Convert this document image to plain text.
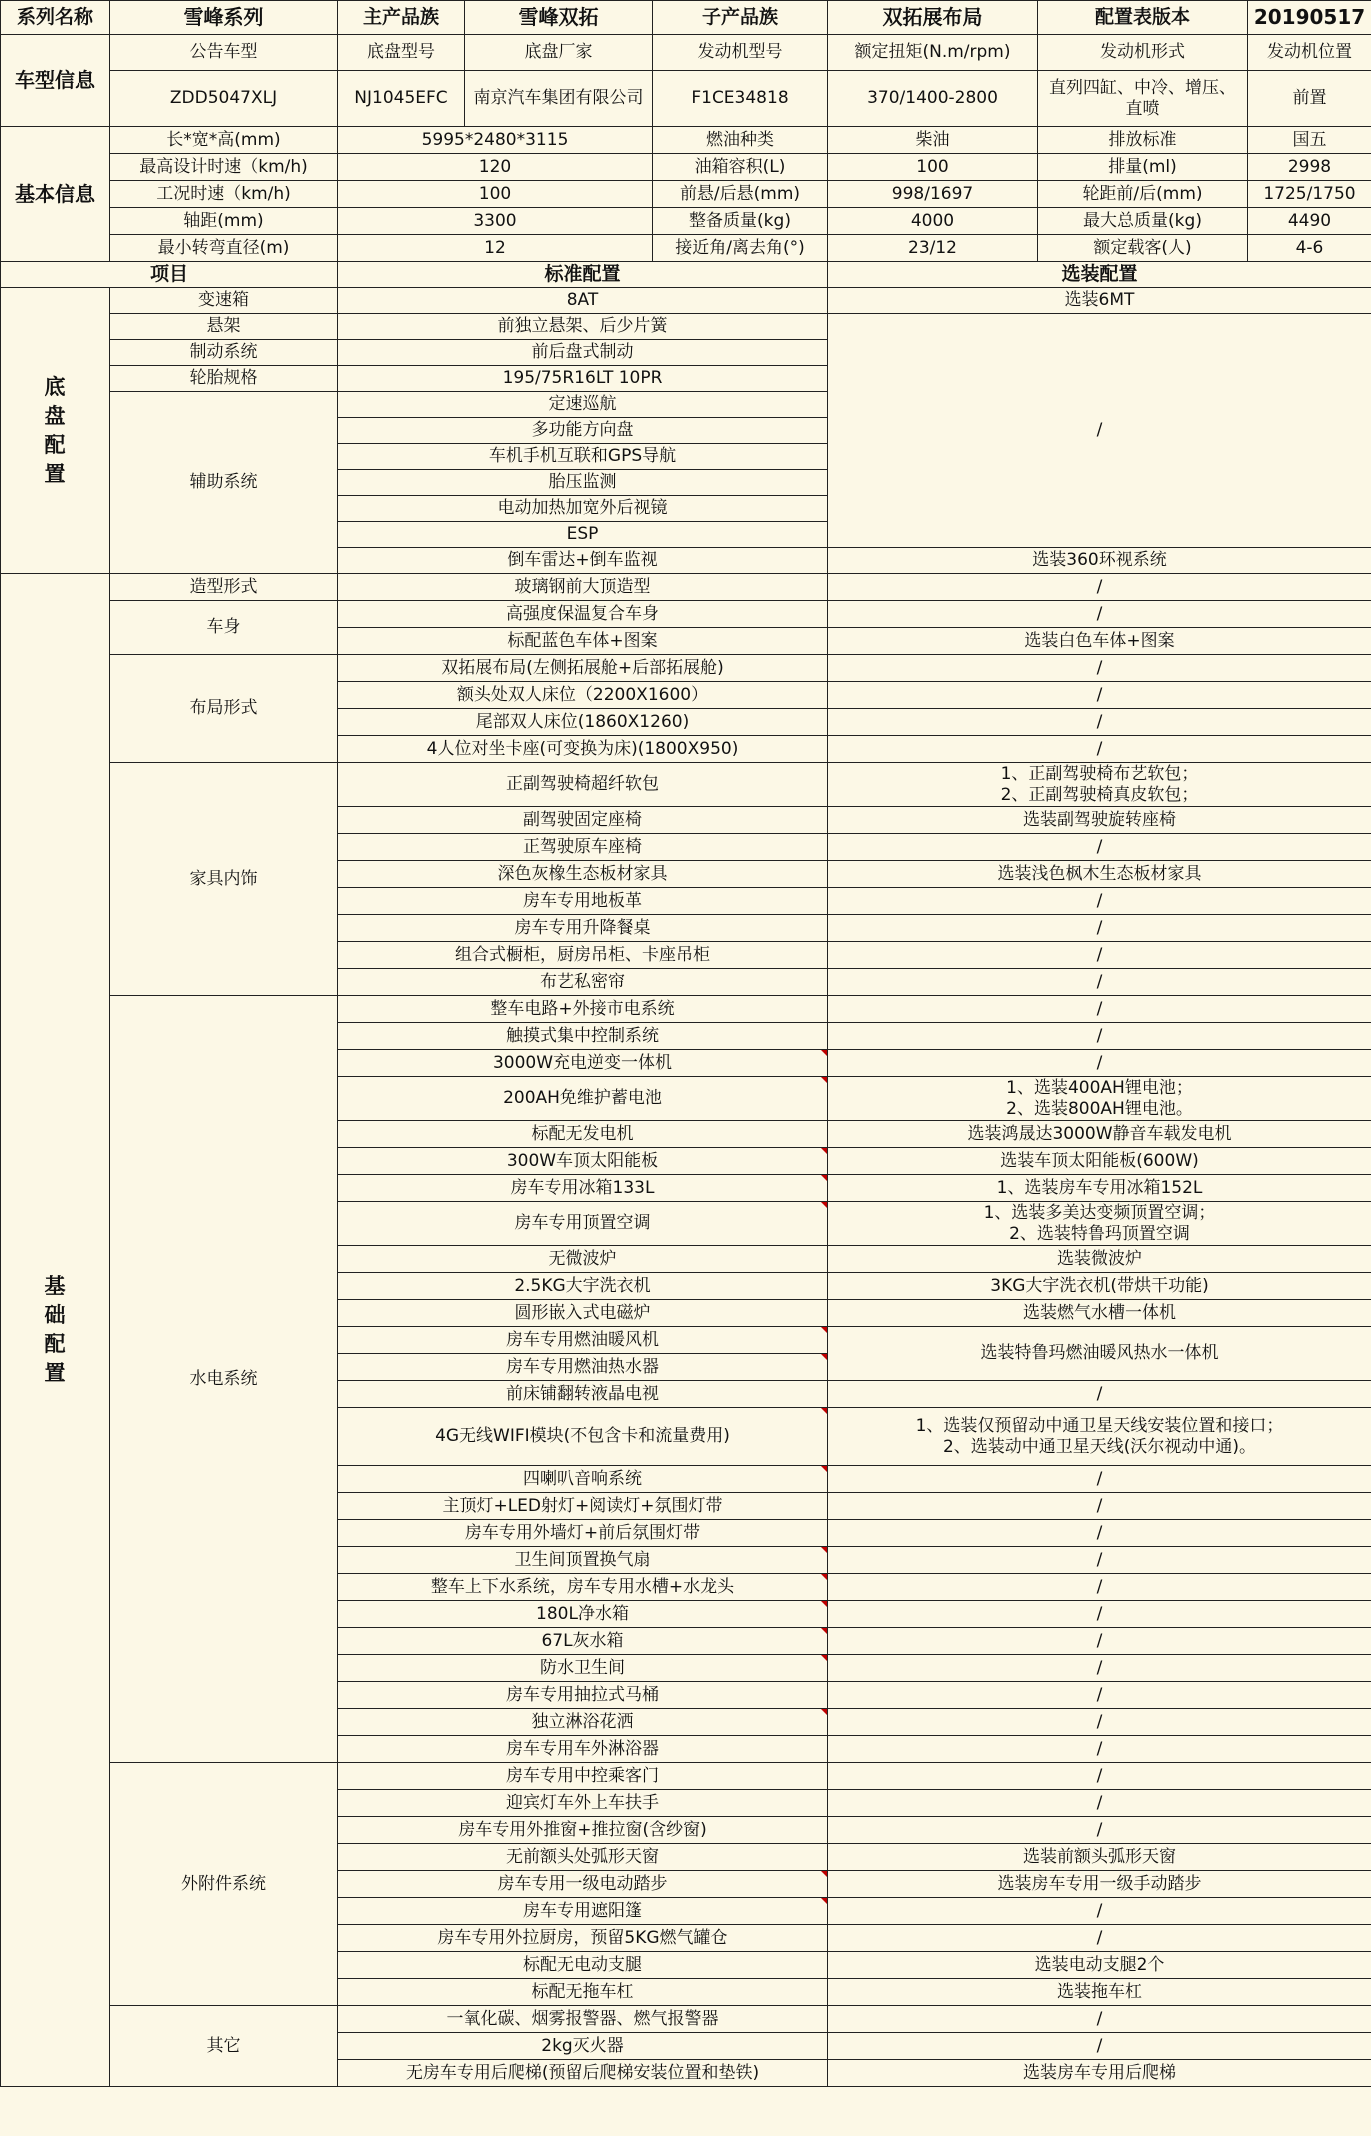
系列名称	雪峰系列	主产品族	雪峰双拓	子产品族	双拓展布局	配置表版本	20190517
车型信息	公告车型	底盘型号	底盘厂家	发动机型号	额定扭矩(N.m/rpm)	发动机形式	发动机位置
	ZDD5047XLJ	NJ1045EFC	南京汽车集团有限公司	F1CE34818	370/1400-2800	直列四缸、中冷、增压、直喷	前置
基本信息	长*宽*高(mm)	5995*2480*3115		燃油种类	柴油	排放标准	国五
	最高设计时速（km/h)	120		油箱容积(L)	100	排量(ml)	2998
	工况时速（km/h)	100		前悬/后悬(mm)	998/1697	轮距前/后(mm)	1725/1750
	轴距(mm)	3300		整备质量(kg)	4000	最大总质量(kg)	4490
	最小转弯直径(m)	12		接近角/离去角(°)	23/12	额定载客(人)	4-6
项目		标准配置			选装配置		

底盘配置	变速箱	8AT			选装6MT		
	悬架	前独立悬架、后少片簧			/		
	制动系统	前后盘式制动					
	轮胎规格	195/75R16LT 10PR					
	辅助系统	定速巡航					
		多功能方向盘					
		车机手机互联和GPS导航					
		胎压监测					
		电动加热加宽外后视镜					
		ESP					
		倒车雷达+倒车监视			选装360环视系统		

基础配置	造型形式	玻璃钢前大顶造型			/		
	车身	高强度保温复合车身			/		
		标配蓝色车体+图案			选装白色车体+图案		
	布局形式	双拓展布局(左侧拓展舱+后部拓展舱)			/		
		额头处双人床位（2200X1600）			/		
		尾部双人床位(1860X1260)			/		
		4人位对坐卡座(可变换为床)(1800X950)			/		
	家具内饰	正副驾驶椅超纤软包			1、正副驾驶椅布艺软包；
2、正副驾驶椅真皮软包；		

		副驾驶固定座椅			选装副驾驶旋转座椅		
		正驾驶原车座椅			/		
		深色灰橡生态板材家具			选装浅色枫木生态板材家具		
		房车专用地板革			/		
		房车专用升降餐桌			/		
		组合式橱柜，厨房吊柜、卡座吊柜			/		
		布艺私密帘			/		
	水电系统	整车电路+外接市电系统			/		
		触摸式集中控制系统			/		
		3000W充电逆变一体机			/		
		200AH免维护蓄电池			1、选装400AH锂电池；
2、选装800AH锂电池。		

		标配无发电机			选装鸿晟达3000W静音车载发电机		
		300W车顶太阳能板			选装车顶太阳能板(600W)		
		房车专用冰箱133L			1、选装房车专用冰箱152L		
		房车专用顶置空调			1、选装多美达变频顶置空调；
2、选装特鲁玛顶置空调		

		无微波炉			选装微波炉		
		2.5KG大宇洗衣机			3KG大宇洗衣机(带烘干功能)		
		圆形嵌入式电磁炉			选装燃气水槽一体机		
		房车专用燃油暖风机			选装特鲁玛燃油暖风热水一体机		
		房车专用燃油热水器					
		前床铺翻转液晶电视			/		
		4G无线WIFI模块(不包含卡和流量费用)			1、选装仅预留动中通卫星天线安装位置和接口；
2、选装动中通卫星天线(沃尔视动中通)。		

		四喇叭音响系统			/		
		主顶灯+LED射灯+阅读灯+氛围灯带			/		
		房车专用外墙灯+前后氛围灯带			/		
		卫生间顶置换气扇			/		
		整车上下水系统，房车专用水槽+水龙头			/		
		180L净水箱			/		
		67L灰水箱			/		
		防水卫生间			/		
		房车专用抽拉式马桶			/		
		独立淋浴花洒			/		
		房车专用车外淋浴器			/		
	外附件系统	房车专用中控乘客门			/		
		迎宾灯车外上车扶手			/		
		房车专用外推窗+推拉窗(含纱窗)			/		
		无前额头处弧形天窗			选装前额头弧形天窗		
		房车专用一级电动踏步			选装房车专用一级手动踏步		
		房车专用遮阳篷			/		
		房车专用外拉厨房，预留5KG燃气罐仓			/		
		标配无电动支腿			选装电动支腿2个		
		标配无拖车杠			选装拖车杠		
	其它	一氧化碳、烟雾报警器、燃气报警器			/		
		2kg灭火器			/		
		无房车专用后爬梯(预留后爬梯安装位置和垫铁)			选装房车专用后爬梯		
